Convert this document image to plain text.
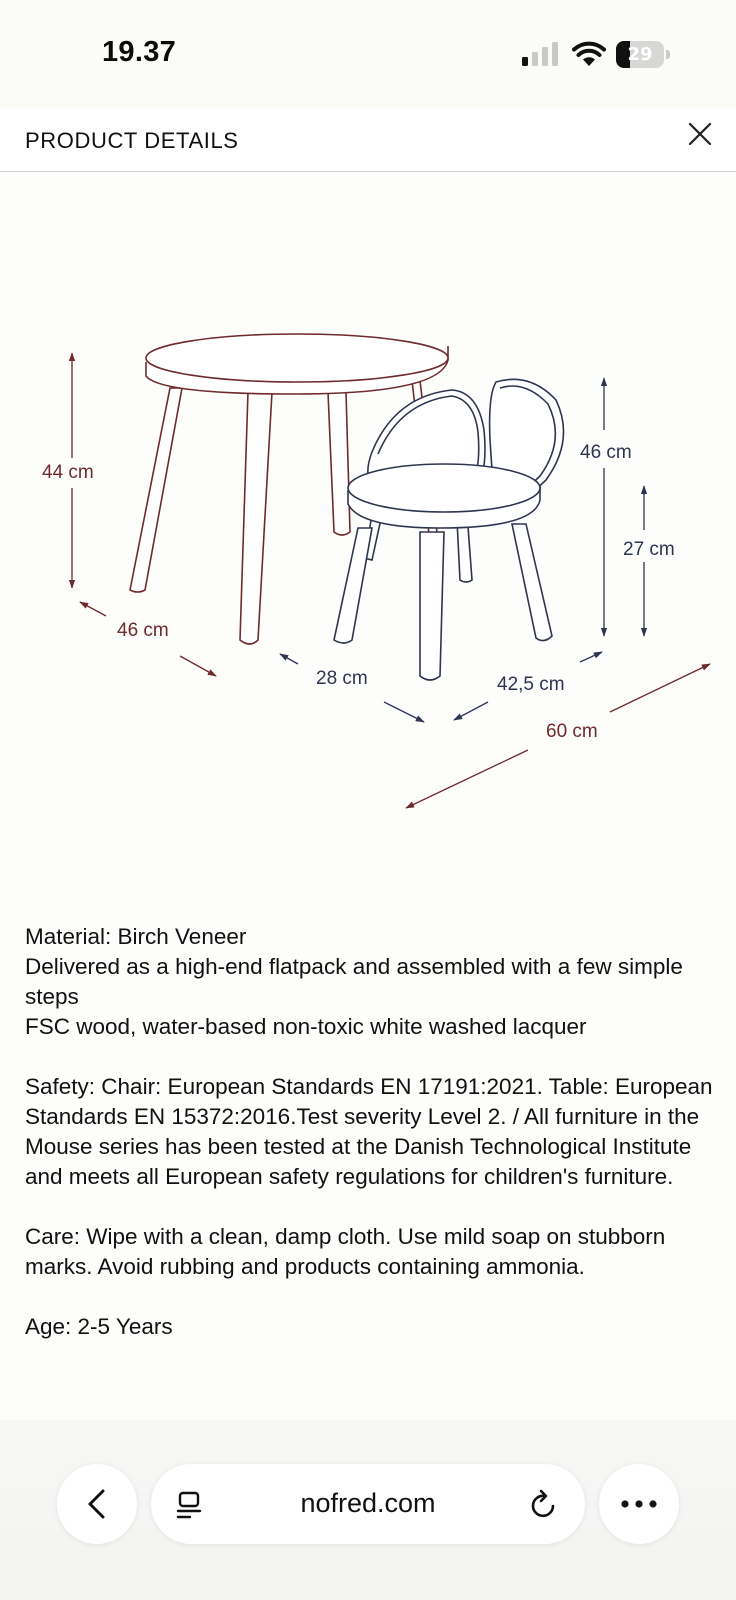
19.37	29
PRODUCT DETAILS
44 cm
46 cm
46 cm
27 cm
28 cm	42,5 cm
60 cm

Material: Birch Veneer

Delivered as a high-end flatpack and assembled with a few simple steps

FSC wood, water-based non-toxic white washed lacquer

Safety: Chair: European Standards EN 17191:2021. Table: European Standards EN 15372:2016.Test severity Level 2. / All furniture in the Mouse series has been tested at the Danish Technological Institute and meets all European safety regulations for children's furniture.

Care: Wipe with a clean, damp cloth. Use mild soap on stubborn marks. Avoid rubbing and products containing ammonia.

Age: 2-5 Years

nofred.com
